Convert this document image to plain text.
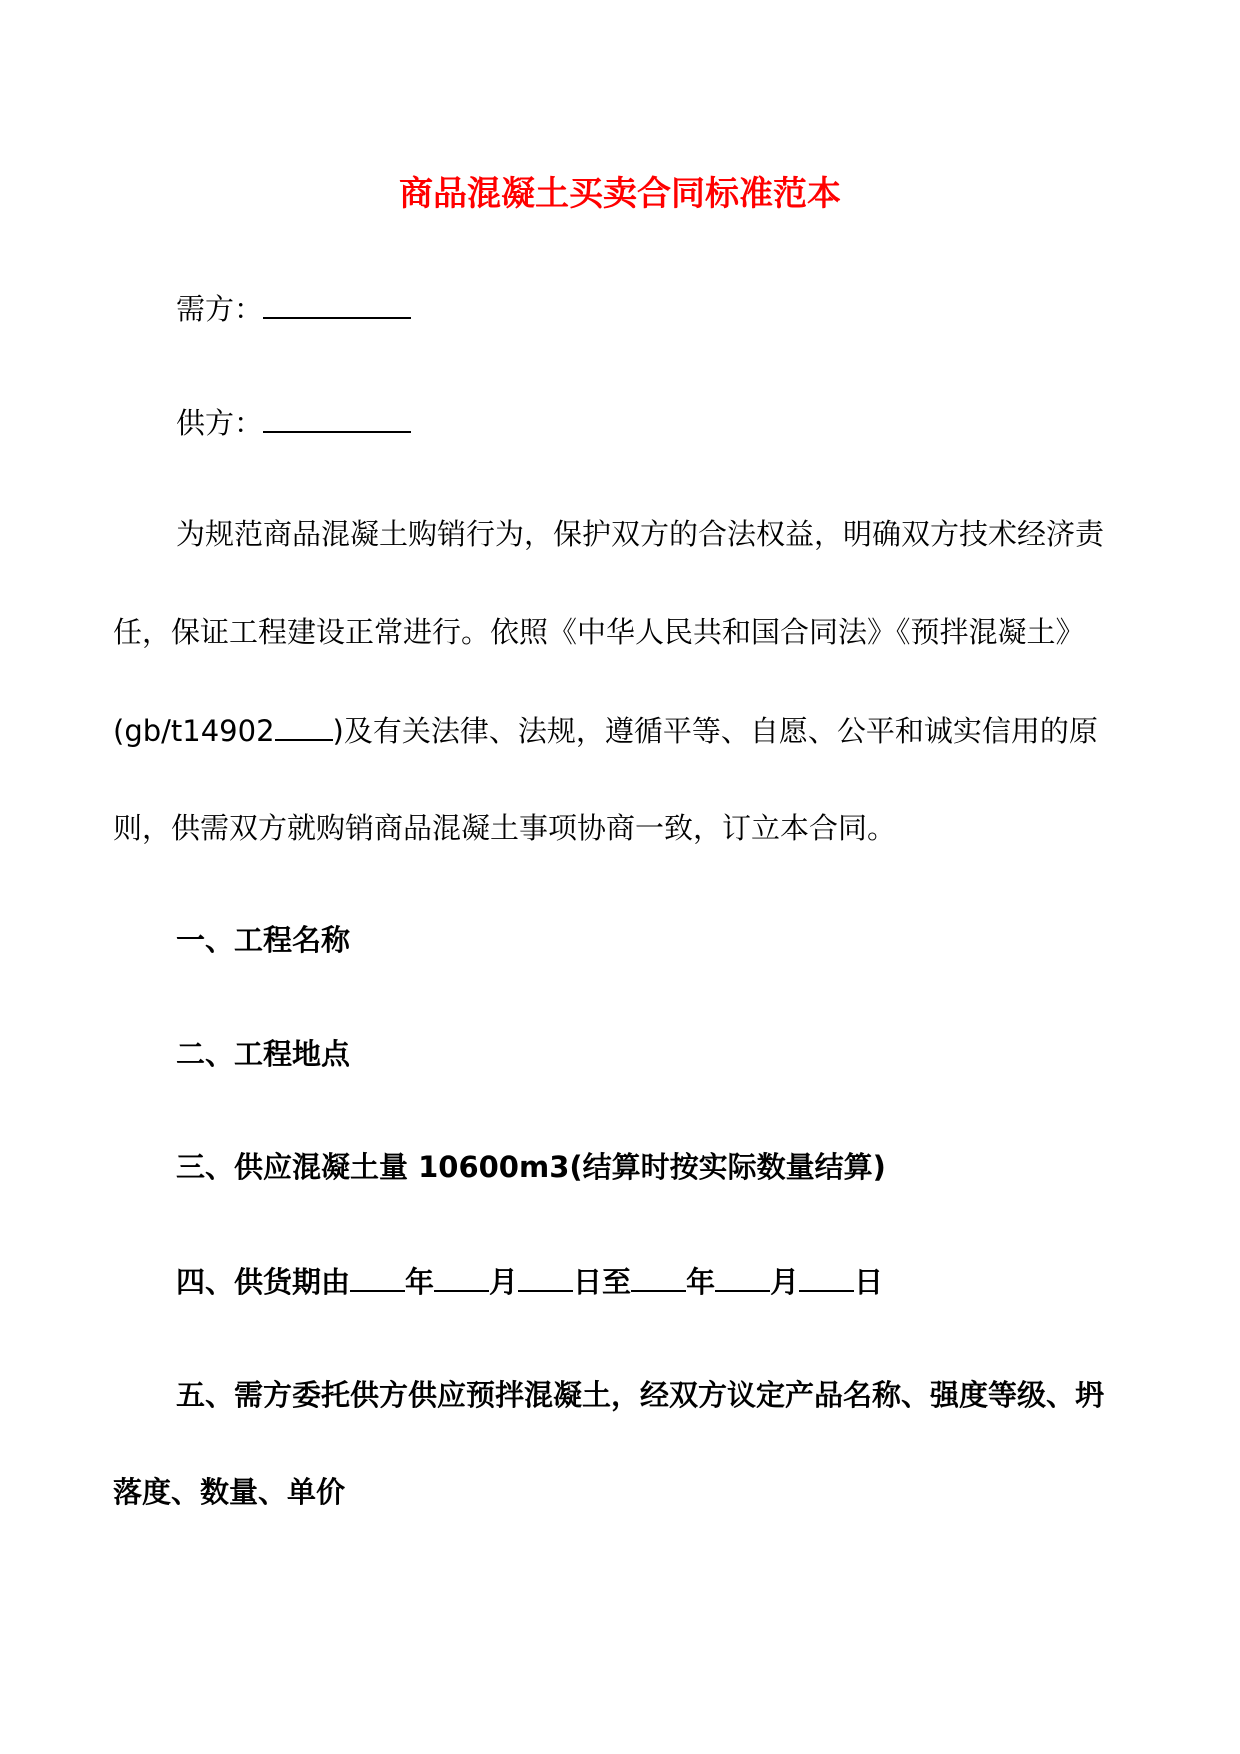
商品混凝土买卖合同标准范本
需方：
供方：
为规范商品混凝土购销行为，保护双方的合法权益，明确双方技术经济责
任，保证工程建设正常进行。依照《中华人民共和国合同法》《预拌混凝土》
(gb/t14902 )及有关法律、法规，遵循平等、自愿、公平和诚实信用的原
则，供需双方就购销商品混凝土事项协商一致，订立本合同。
一、工程名称
二、工程地点
三、供应混凝土量 10600m3(结算时按实际数量结算)
四、供货期由 年 月 日至 年 月 日
五、需方委托供方供应预拌混凝土，经双方议定产品名称、强度等级、坍
落度、数量、单价
